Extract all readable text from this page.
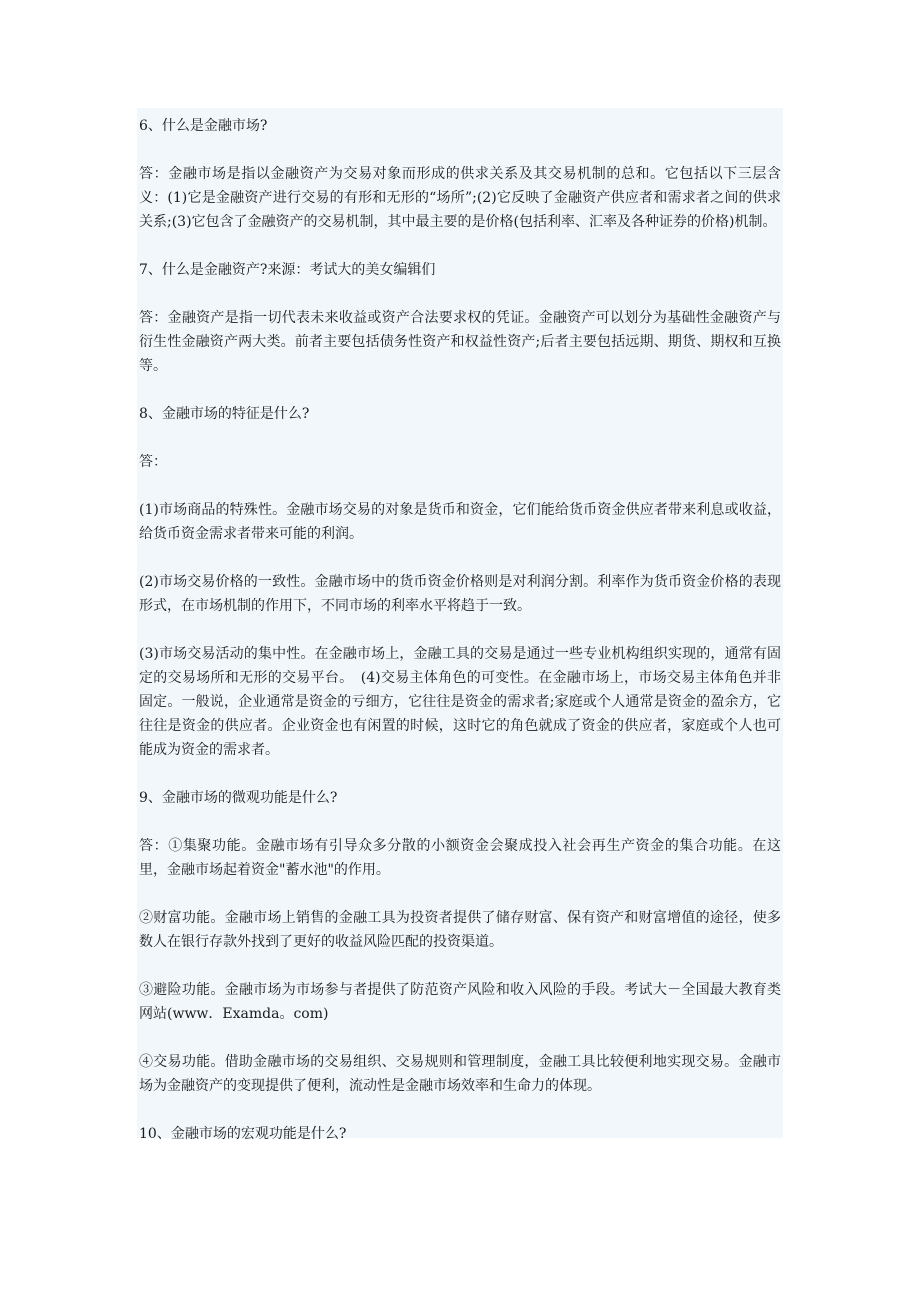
6、什么是金融市场?

答：金融市场是指以金融资产为交易对象而形成的供求关系及其交易机制的总和。它包括以下三层含义：(1)它是金融资产进行交易的有形和无形的“场所”;(2)它反映了金融资产供应者和需求者之间的供求关系;(3)它包含了金融资产的交易机制，其中最主要的是价格(包括利率、汇率及各种证券的价格)机制。

7、什么是金融资产?来源：考试大的美女编辑们

答：金融资产是指一切代表未来收益或资产合法要求权的凭证。金融资产可以划分为基础性金融资产与衍生性金融资产两大类。前者主要包括债务性资产和权益性资产;后者主要包括远期、期货、期权和互换等。

8、金融市场的特征是什么?

答：

(1)市场商品的特殊性。金融市场交易的对象是货币和资金，它们能给货币资金供应者带来利息或收益，给货币资金需求者带来可能的利润。

(2)市场交易价格的一致性。金融市场中的货币资金价格则是对利润分割。利率作为货币资金价格的表现形式，在市场机制的作用下，不同市场的利率水平将趋于一致。

(3)市场交易活动的集中性。在金融市场上，金融工具的交易是通过一些专业机构组织实现的，通常有固定的交易场所和无形的交易平台。　(4)交易主体角色的可变性。在金融市场上，市场交易主体角色并非固定。一般说，企业通常是资金的亏细方，它往往是资金的需求者;家庭或个人通常是资金的盈余方，它往往是资金的供应者。企业资金也有闲置的时候，这时它的角色就成了资金的供应者，家庭或个人也可能成为资金的需求者。

9、金融市场的微观功能是什么?

答：①集聚功能。金融市场有引导众多分散的小额资金会聚成投入社会再生产资金的集合功能。在这里，金融市场起着资金"蓄水池"的作用。

②财富功能。金融市场上销售的金融工具为投资者提供了储存财富、保有资产和财富增值的途径，使多数人在银行存款外找到了更好的收益风险匹配的投资渠道。

③避险功能。金融市场为市场参与者提供了防范资产风险和收入风险的手段。考试大－全国最大教育类网站(www．Examda。com)

④交易功能。借助金融市场的交易组织、交易规则和管理制度，金融工具比较便利地实现交易。金融市场为金融资产的变现提供了便利，流动性是金融市场效率和生命力的体现。

10、金融市场的宏观功能是什么?
